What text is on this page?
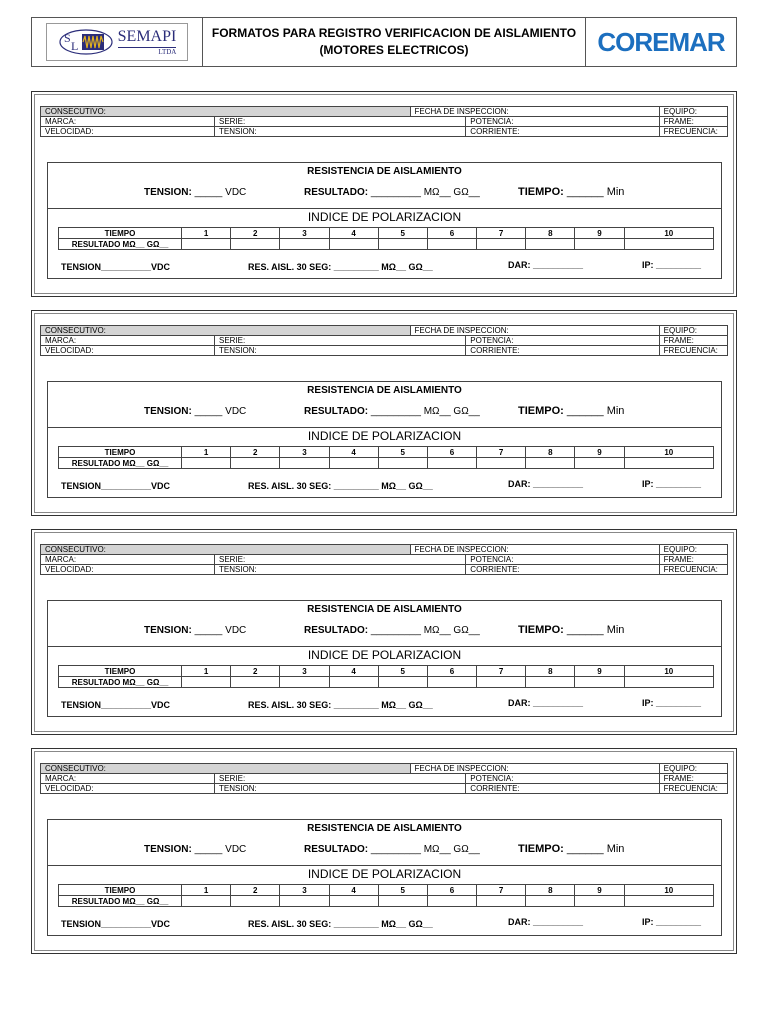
S
L
SEMAPI
LTDA
FORMATOS PARA REGISTRO VERIFICACION DE AISLAMIENTO
(MOTORES ELECTRICOS)	COREMAR
CONSECUTIVO:		FECHA DE INSPECCION:		EQUIPO:
MARCA:	SERIE:		POTENCIA:	FRAME:
VELOCIDAD:	TENSION:		CORRIENTE:	FRECUENCIA:
RESISTENCIA DE AISLAMIENTO
TENSION: _____ VDC	RESULTADO: _________ MΩ__ GΩ__	TIEMPO: ______ Min
INDICE DE POLARIZACION
TIEMPO	1	2	3	4	5	6	7	8	9	10
RESULTADO MΩ__ GΩ__										
TENSION__________VDC	RES. AISL. 30 SEG: _________ MΩ__ GΩ__	DAR: __________	IP: _________
CONSECUTIVO:		FECHA DE INSPECCION:		EQUIPO:
MARCA:	SERIE:		POTENCIA:	FRAME:
VELOCIDAD:	TENSION:		CORRIENTE:	FRECUENCIA:
RESISTENCIA DE AISLAMIENTO
TENSION: _____ VDC	RESULTADO: _________ MΩ__ GΩ__	TIEMPO: ______ Min
INDICE DE POLARIZACION
TIEMPO	1	2	3	4	5	6	7	8	9	10
RESULTADO MΩ__ GΩ__										
TENSION__________VDC	RES. AISL. 30 SEG: _________ MΩ__ GΩ__	DAR: __________	IP: _________
CONSECUTIVO:		FECHA DE INSPECCION:		EQUIPO:
MARCA:	SERIE:		POTENCIA:	FRAME:
VELOCIDAD:	TENSION:		CORRIENTE:	FRECUENCIA:
RESISTENCIA DE AISLAMIENTO
TENSION: _____ VDC	RESULTADO: _________ MΩ__ GΩ__	TIEMPO: ______ Min
INDICE DE POLARIZACION
TIEMPO	1	2	3	4	5	6	7	8	9	10
RESULTADO MΩ__ GΩ__										
TENSION__________VDC	RES. AISL. 30 SEG: _________ MΩ__ GΩ__	DAR: __________	IP: _________
CONSECUTIVO:		FECHA DE INSPECCION:		EQUIPO:
MARCA:	SERIE:		POTENCIA:	FRAME:
VELOCIDAD:	TENSION:		CORRIENTE:	FRECUENCIA:
RESISTENCIA DE AISLAMIENTO
TENSION: _____ VDC	RESULTADO: _________ MΩ__ GΩ__	TIEMPO: ______ Min
INDICE DE POLARIZACION
TIEMPO	1	2	3	4	5	6	7	8	9	10
RESULTADO MΩ__ GΩ__										
TENSION__________VDC	RES. AISL. 30 SEG: _________ MΩ__ GΩ__	DAR: __________	IP: _________
